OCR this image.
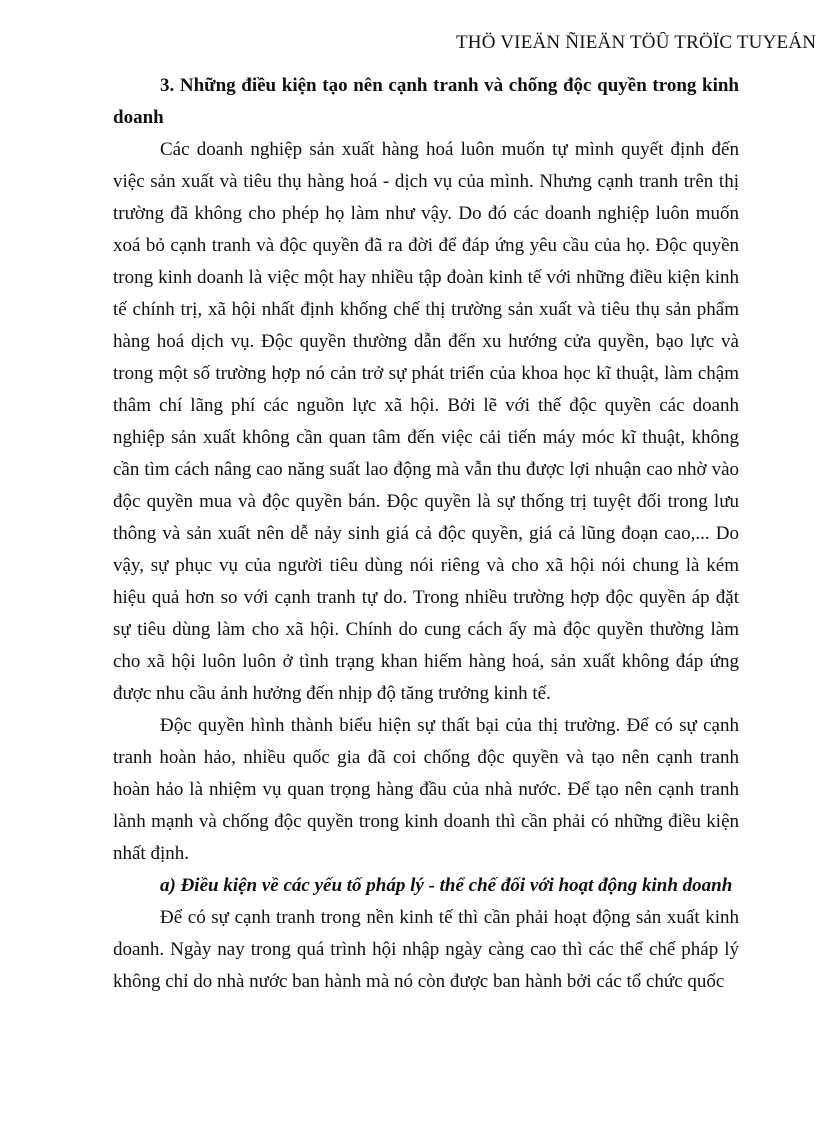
THÖ VIEÄN ÑIEÄN TÖÛ TRÖÏC TUYEÁN

3. Những điều kiện tạo nên cạnh tranh và chống độc quyền trong kinh doanh

Các doanh nghiệp sản xuất hàng hoá luôn muốn tự mình quyết định đến việc sản xuất và tiêu thụ hàng hoá - dịch vụ của mình. Nhưng cạnh tranh trên thị trường đã không cho phép họ làm như vậy. Do đó các doanh nghiệp luôn muốn xoá bỏ cạnh tranh và độc quyền đã ra đời để đáp ứng yêu cầu của họ. Độc quyền trong kinh doanh là việc một hay nhiều tập đoàn kinh tế với những điều kiện kinh tế chính trị, xã hội nhất định khống chế thị trường sản xuất và tiêu thụ sản phẩm hàng hoá dịch vụ. Độc quyền thường dẫn đến xu hướng cửa quyền, bạo lực và trong một số trường hợp nó cản trở sự phát triển của khoa học kĩ thuật, làm chậm thâm chí lãng phí các nguồn lực xã hội. Bởi lẽ với thế độc quyền các doanh nghiệp sản xuất không cần quan tâm đến việc cải tiến máy móc kĩ thuật, không cần tìm cách nâng cao năng suất lao động mà vẫn thu được lợi nhuận cao nhờ vào độc quyền mua và độc quyền bán. Độc quyền là sự thống trị tuyệt đối trong lưu thông và sản xuất nên dễ nảy sinh giá cả độc quyền, giá cả lũng đoạn cao,... Do vậy, sự phục vụ của người tiêu dùng nói riêng và cho xã hội nói chung là kém hiệu quả hơn so với cạnh tranh tự do. Trong nhiều trường hợp độc quyền áp đặt sự tiêu dùng làm cho xã hội. Chính do cung cách ấy mà độc quyền thường làm cho xã hội luôn luôn ở tình trạng khan hiếm hàng hoá, sản xuất không đáp ứng được nhu cầu ảnh hưởng đến nhịp độ tăng trưởng kinh tế.

Độc quyền hình thành biểu hiện sự thất bại của thị trường. Để có sự cạnh tranh hoàn hảo, nhiều quốc gia đã coi chống độc quyền và tạo nên cạnh tranh hoàn hảo là nhiệm vụ quan trọng hàng đầu của nhà nước. Để tạo nên cạnh tranh lành mạnh và chống độc quyền trong kinh doanh thì cần phải có những điều kiện nhất định.

a) Điều kiện về các yếu tố pháp lý - thể chế đối với hoạt động kinh doanh

Để có sự cạnh tranh trong nền kinh tế thì cần phải hoạt động sản xuất kinh doanh. Ngày nay trong quá trình hội nhập ngày càng cao thì các thể chế pháp lý không chỉ do nhà nước ban hành mà nó còn được ban hành bởi các tổ chức quốc
